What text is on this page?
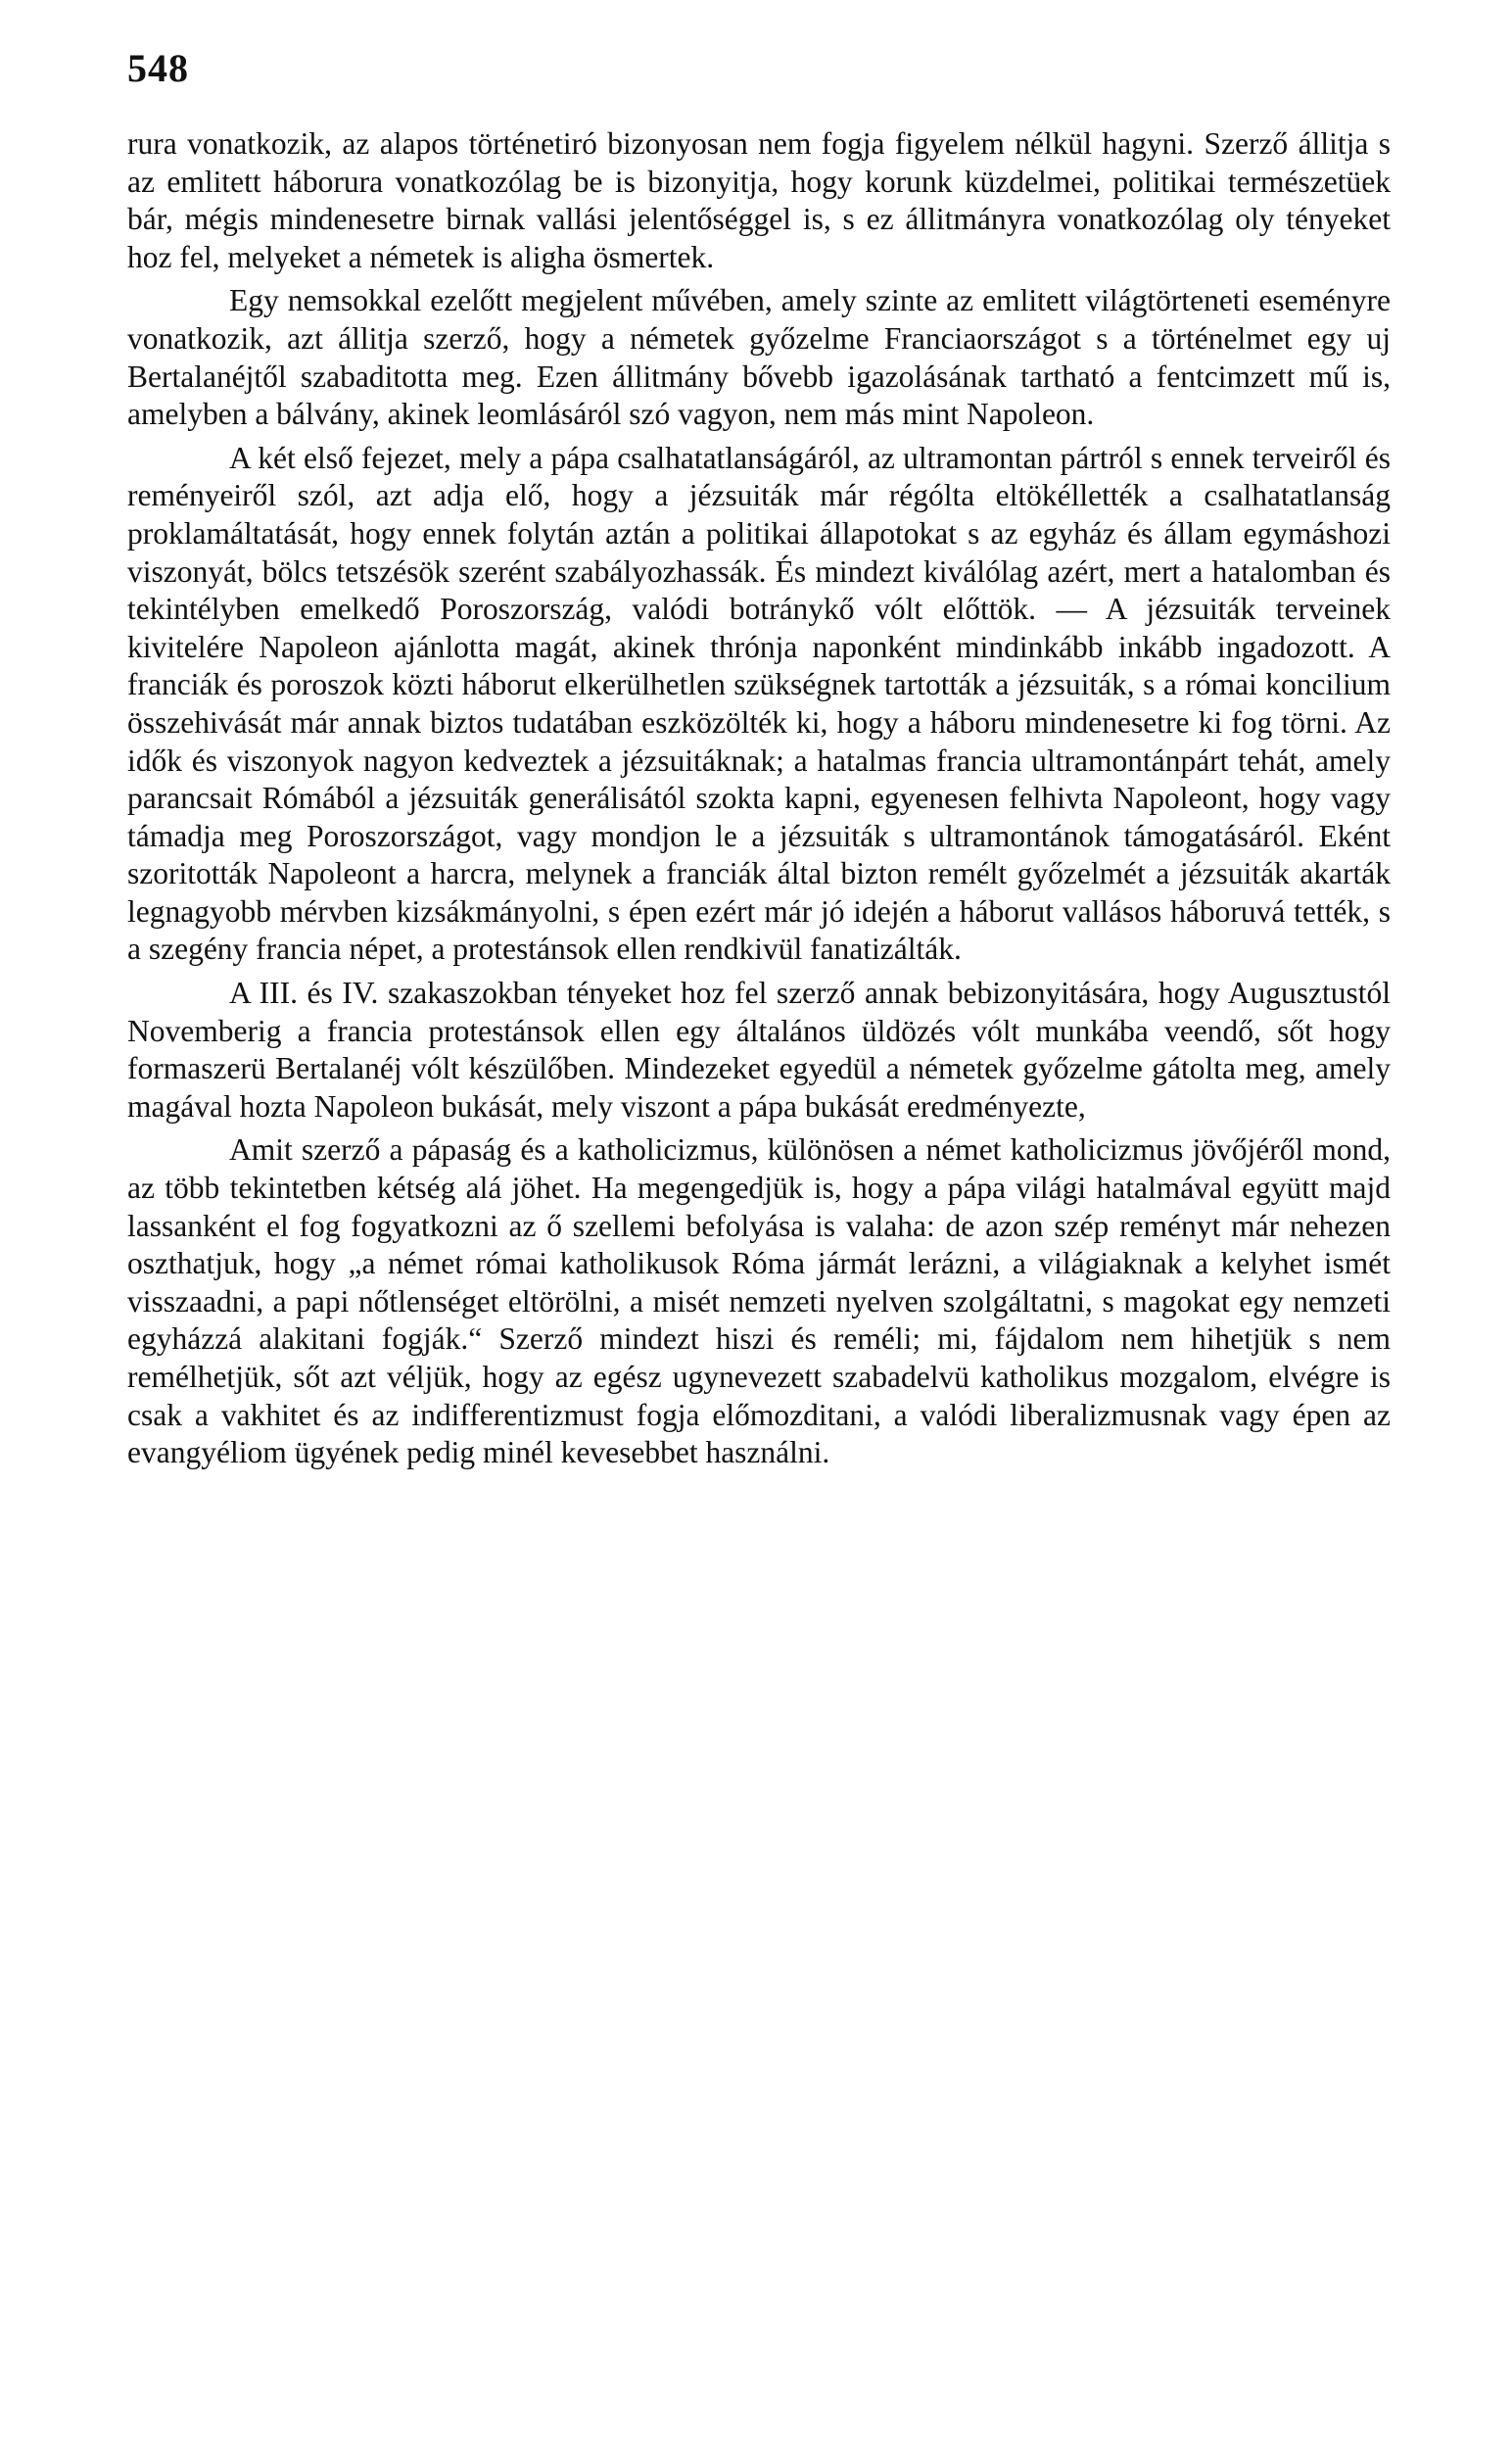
548

rura vonatkozik, az alapos történetiró bizonyosan nem fogja figyelem nélkül hagyni. Szerző állitja s az emlitett háborura vonatkozólag be is bizonyitja, hogy korunk küzdelmei, politikai természetüek bár, mégis mindenesetre birnak vallási jelentőséggel is, s ez állitmányra vonatkozólag oly tényeket hoz fel, melyeket a németek is aligha ösmertek.

Egy nemsokkal ezelőtt megjelent művében, amely szinte az emlitett világtörteneti eseményre vonatkozik, azt állitja szerző, hogy a németek győzelme Franciaországot s a történelmet egy uj Bertalanéjtől szabaditotta meg. Ezen állitmány bővebb igazolásának tartható a fentcimzett mű is, amelyben a bálvány, akinek leomlásáról szó vagyon, nem más mint Napoleon.

A két első fejezet, mely a pápa csalhatatlanságáról, az ultramontan pártról s ennek terveiről és reményeiről szól, azt adja elő, hogy a jézsuiták már régólta eltökéllették a csalhatatlanság proklamáltatását, hogy ennek folytán aztán a politikai állapotokat s az egyház és állam egymáshozi viszonyát, bölcs tetszésök szerént szabályozhassák. És mindezt kiválólag azért, mert a hatalomban és tekintélyben emelkedő Poroszország, valódi botránykő vólt előttök. — A jézsuiták terveinek kivitelére Napoleon ajánlotta magát, akinek thrónja naponként mindinkább inkább ingadozott. A franciák és poroszok közti háborut elkerülhetlen szükségnek tartották a jézsuiták, s a római koncilium összehivását már annak biztos tudatában eszközölték ki, hogy a háboru mindenesetre ki fog törni. Az idők és viszonyok nagyon kedveztek a jézsuitáknak; a hatalmas francia ultramontánpárt tehát, amely parancsait Rómából a jézsuiták generálisától szokta kapni, egyenesen felhivta Napoleont, hogy vagy támadja meg Poroszországot, vagy mondjon le a jézsuiták s ultramontánok támogatásáról. Eként szoritották Napoleont a harcra, melynek a franciák által bizton remélt győzelmét a jézsuiták akarták legnagyobb mérvben kizsákmányolni, s épen ezért már jó idején a háborut vallásos háboruvá tették, s a szegény francia népet, a protestánsok ellen rendkivül fanatizálták.

A III. és IV. szakaszokban tényeket hoz fel szerző annak bebizonyitására, hogy Augusztustól Novemberig a francia protestánsok ellen egy általános üldözés vólt munkába veendő, sőt hogy formaszerü Bertalanéj vólt készülőben. Mindezeket egyedül a németek győzelme gátolta meg, amely magával hozta Napoleon bukását, mely viszont a pápa bukását eredményezte,

Amit szerző a pápaság és a katholicizmus, különösen a német katholicizmus jövőjéről mond, az több tekintetben kétség alá jöhet. Ha megengedjük is, hogy a pápa világi hatalmával együtt majd lassanként el fog fogyatkozni az ő szellemi befolyása is valaha: de azon szép reményt már nehezen oszthatjuk, hogy „a német római katholikusok Róma jármát lerázni, a világiaknak a kelyhet ismét visszaadni, a papi nőtlenséget eltörölni, a misét nemzeti nyelven szolgáltatni, s magokat egy nemzeti egyházzá alakitani fogják.“ Szerző mindezt hiszi és reméli; mi, fájdalom nem hihetjük s nem remélhetjük, sőt azt véljük, hogy az egész ugynevezett szabadelvü katholikus mozgalom, elvégre is csak a vakhitet és az indifferentizmust fogja előmozditani, a valódi liberalizmusnak vagy épen az evangyéliom ügyének pedig minél kevesebbet használni.
